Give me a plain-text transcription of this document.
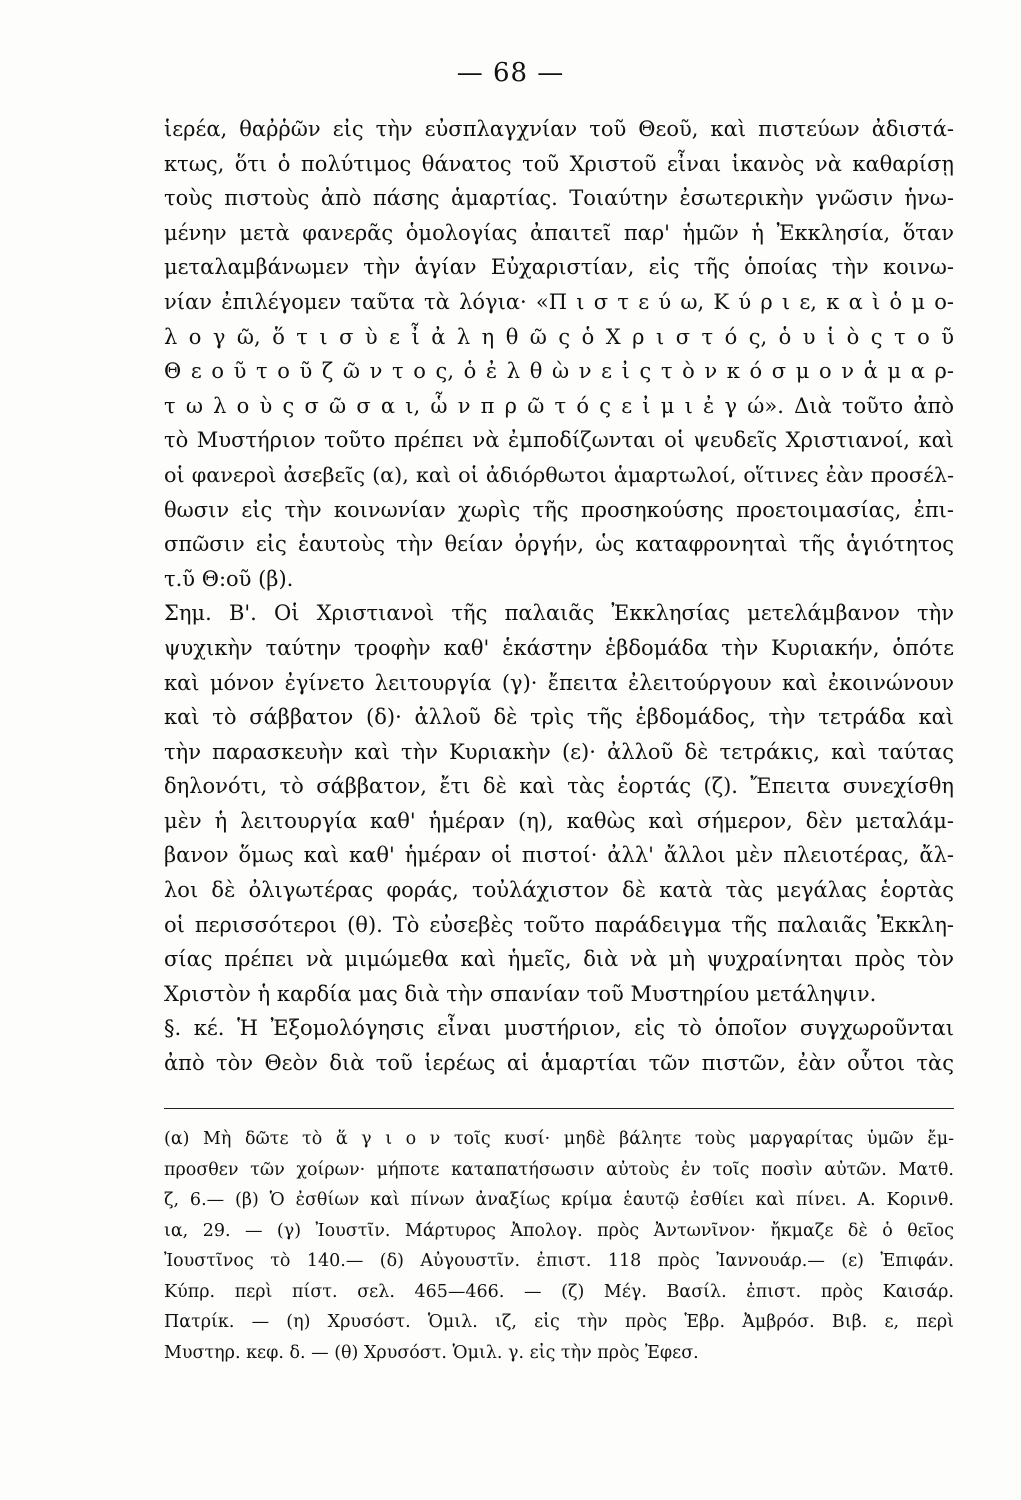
— 68 —
ἱερέα, θαῤῥῶν εἰς τὴν εὐσπλαγχνίαν τοῦ Θεοῦ, καὶ πιστεύων ἀδιστά-
κτως, ὅτι ὁ πολύτιμος θάνατος τοῦ Χριστοῦ εἶναι ἱκανὸς νὰ καθαρίσῃ
τοὺς πιστοὺς ἀπὸ πάσης ἁμαρτίας. Τοιαύτην ἐσωτερικὴν γνῶσιν ἡνω-
μένην μετὰ φανερᾶς ὁμολογίας ἀπαιτεῖ παρ' ἡμῶν ἡ Ἐκκλησία, ὅταν
μεταλαμβάνωμεν τὴν ἁγίαν Εὐχαριστίαν, εἰς τῆς ὁποίας τὴν κοινω-
νίαν ἐπιλέγομεν ταῦτα τὰ λόγια· «Π ι σ τ ε ύ ω, Κ ύ ρ ι ε, κ α ὶ ὁ μ ο-
λ ο γ ῶ, ὅ τ ι σ ὺ ε ἶ ἀ λ η θ ῶ ς ὁ Χ ρ ι σ τ ό ς, ὁ υ ἱ ὸ ς τ ο ῦ
Θ ε ο ῦ τ ο ῦ ζ ῶ ν τ ο ς, ὁ ἐ λ θ ὼ ν ε ἰ ς τ ὸ ν κ ό σ μ ο ν ἁ μ α ρ-
τ ω λ ο ὺ ς σ ῶ σ α ι, ὧ ν π ρ ῶ τ ό ς ε ἰ μ ι ἐ γ ώ». Διὰ τοῦτο ἀπὸ
τὸ Μυστήριον τοῦτο πρέπει νὰ ἐμποδίζωνται οἱ ψευδεῖς Χριστιανοί, καὶ
οἱ φανεροὶ ἀσεβεῖς (α), καὶ οἱ ἀδιόρθωτοι ἁμαρτωλοί, οἵτινες ἐὰν προσέλ-
θωσιν εἰς τὴν κοινωνίαν χωρὶς τῆς προσηκούσης προετοιμασίας, ἐπι-
σπῶσιν εἰς ἑαυτοὺς τὴν θείαν ὀργήν, ὡς καταφρονηταὶ τῆς ἁγιότητος
τ.ῦ Θ:οῦ (β).
Σημ. Β'. Οἱ Χριστιανοὶ τῆς παλαιᾶς Ἐκκλησίας μετελάμβανον τὴν
ψυχικὴν ταύτην τροφὴν καθ' ἑκάστην ἑβδομάδα τὴν Κυριακήν, ὁπότε
καὶ μόνον ἐγίνετο λειτουργία (γ)· ἔπειτα ἐλειτούργουν καὶ ἐκοινώνουν
καὶ τὸ σάββατον (δ)· ἀλλοῦ δὲ τρὶς τῆς ἑβδομάδος, τὴν τετράδα καὶ
τὴν παρασκευὴν καὶ τὴν Κυριακὴν (ε)· ἀλλοῦ δὲ τετράκις, καὶ ταύτας
δηλονότι, τὸ σάββατον, ἔτι δὲ καὶ τὰς ἑορτάς (ζ). Ἔπειτα συνεχίσθη
μὲν ἡ λειτουργία καθ' ἡμέραν (η), καθὼς καὶ σήμερον, δὲν μεταλάμ-
βανον ὅμως καὶ καθ' ἡμέραν οἱ πιστοί· ἀλλ' ἄλλοι μὲν πλειοτέρας, ἄλ-
λοι δὲ ὀλιγωτέρας φοράς, τοὐλάχιστον δὲ κατὰ τὰς μεγάλας ἑορτὰς
οἱ περισσότεροι (θ). Τὸ εὐσεβὲς τοῦτο παράδειγμα τῆς παλαιᾶς Ἐκκλη-
σίας πρέπει νὰ μιμώμεθα καὶ ἡμεῖς, διὰ νὰ μὴ ψυχραίνηται πρὸς τὸν
Χριστὸν ἡ καρδία μας διὰ τὴν σπανίαν τοῦ Μυστηρίου μετάληψιν.
§. κέ. Ἡ Ἐξομολόγησις εἶναι μυστήριον, εἰς τὸ ὁποῖον συγχωροῦνται
ἀπὸ τὸν Θεὸν διὰ τοῦ ἱερέως αἱ ἁμαρτίαι τῶν πιστῶν, ἐὰν οὗτοι τὰς
(α) Μὴ δῶτε τὸ ἅ γ ι ο ν τοῖς κυσί· μηδὲ βάλητε τοὺς μαργαρίτας ὑμῶν ἔμ-
προσθεν τῶν χοίρων· μήποτε καταπατήσωσιν αὐτοὺς ἐν τοῖς ποσὶν αὐτῶν. Ματθ.
ζ, 6.— (β) Ὁ ἐσθίων καὶ πίνων ἀναξίως κρίμα ἑαυτῷ ἐσθίει καὶ πίνει. Α. Κορινθ.
ια, 29. — (γ) Ἰουστῖν. Μάρτυρος Ἀπολογ. πρὸς Ἀντωνῖνον· ἤκμαζε δὲ ὁ θεῖος
Ἰουστῖνος τὸ 140.— (δ) Αὐγουστῖν. ἐπιστ. 118 πρὸς Ἰαννουάρ.— (ε) Ἐπιφάν.
Κύπρ. περὶ πίστ. σελ. 465—466. — (ζ) Μέγ. Βασίλ. ἐπιστ. πρὸς Καισάρ.
Πατρίκ. — (η) Χρυσόστ. Ὁμιλ. ιζ, εἰς τὴν πρὸς Ἑβρ. Ἀμβρόσ. Βιβ. ε, περὶ
Μυστηρ. κεφ. δ. — (θ) Χρυσόστ. Ὁμιλ. γ. εἰς τὴν πρὸς Ἐφεσ.
